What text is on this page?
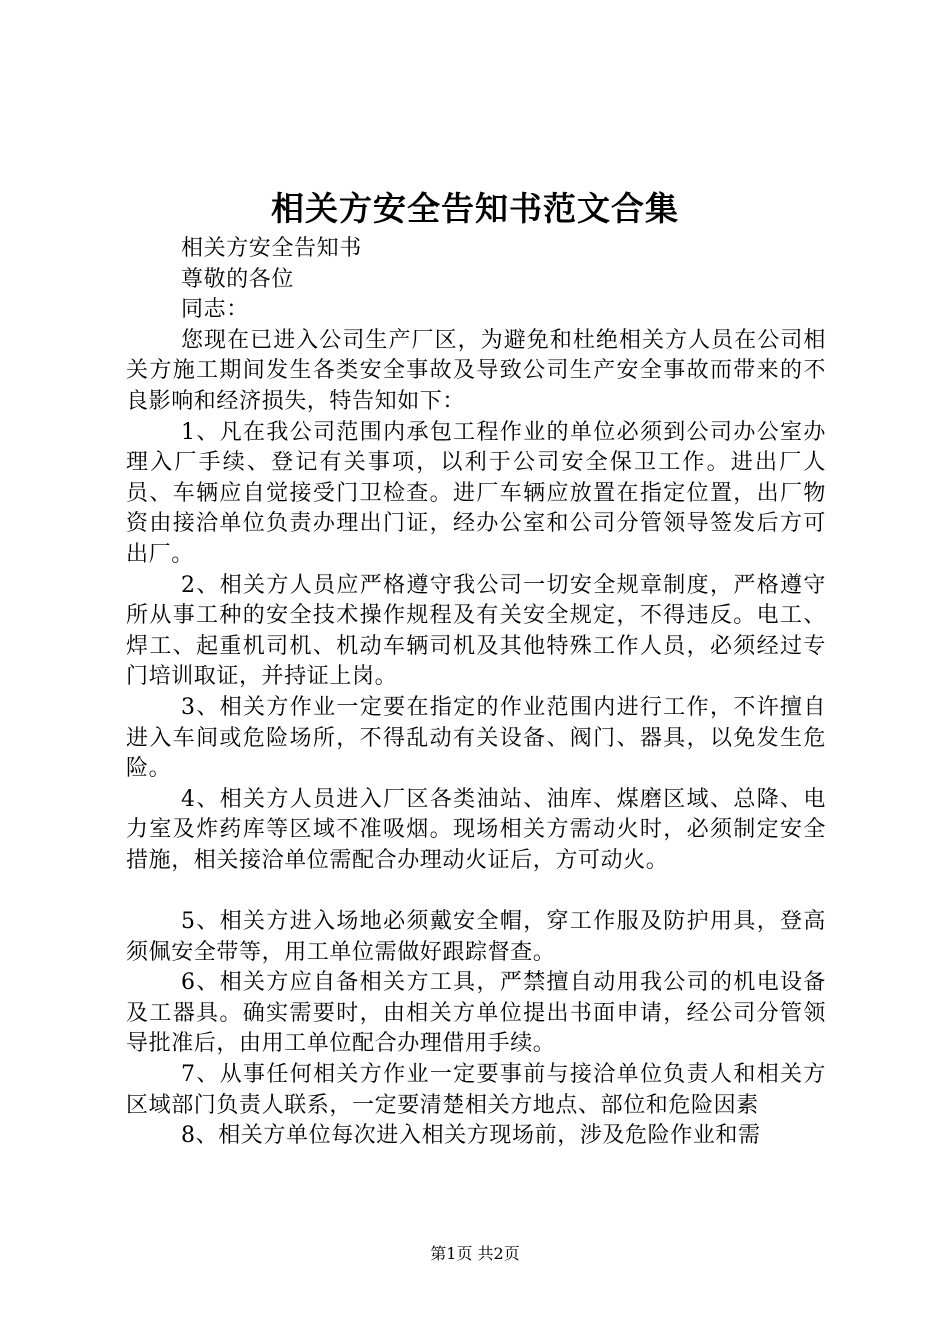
相关方安全告知书范文合集

相关方安全告知书

尊敬的各位

同志：

您现在已进入公司生产厂区，为避免和杜绝相关方人员在公司相关方施工期间发生各类安全事故及导致公司生产安全事故而带来的不良影响和经济损失，特告知如下：

1、凡在我公司范围内承包工程作业的单位必须到公司办公室办理入厂手续、登记有关事项，以利于公司安全保卫工作。进出厂人员、车辆应自觉接受门卫检查。进厂车辆应放置在指定位置，出厂物资由接洽单位负责办理出门证，经办公室和公司分管领导签发后方可出厂。

2、相关方人员应严格遵守我公司一切安全规章制度，严格遵守所从事工种的安全技术操作规程及有关安全规定，不得违反。电工、焊工、起重机司机、机动车辆司机及其他特殊工作人员，必须经过专门培训取证，并持证上岗。

3、相关方作业一定要在指定的作业范围内进行工作，不许擅自进入车间或危险场所，不得乱动有关设备、阀门、器具，以免发生危险。

4、相关方人员进入厂区各类油站、油库、煤磨区域、总降、电力室及炸药库等区域不准吸烟。现场相关方需动火时，必须制定安全措施，相关接洽单位需配合办理动火证后，方可动火。

5、相关方进入场地必须戴安全帽，穿工作服及防护用具，登高须佩安全带等，用工单位需做好跟踪督查。

6、相关方应自备相关方工具，严禁擅自动用我公司的机电设备及工器具。确实需要时，由相关方单位提出书面申请，经公司分管领导批准后，由用工单位配合办理借用手续。

7、从事任何相关方作业一定要事前与接洽单位负责人和相关方区域部门负责人联系，一定要清楚相关方地点、部位和危险因素

8、相关方单位每次进入相关方现场前，涉及危险作业和需

第1页 共2页
